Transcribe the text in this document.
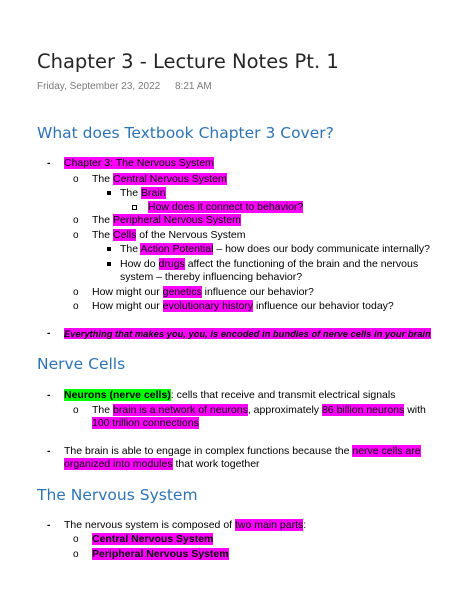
Chapter 3 - Lecture Notes Pt. 1
Friday, September 23, 2022 8:21 AM
What does Textbook Chapter 3 Cover?
- Chapter 3: The Nervous System
o The Central Nervous System
The Brain
How does it connect to behavior?
o The Peripheral Nervous System
o The Cells of the Nervous System
The Action Potential – how does our body communicate internally?
How do drugs affect the functioning of the brain and the nervous
system – thereby influencing behavior?
o How might our genetics influence our behavior?
o How might our evolutionary history influence our behavior today?
- Everything that makes you, you, is encoded in bundles of nerve cells in your brain
Nerve Cells
- Neurons (nerve cells): cells that receive and transmit electrical signals
o The brain is a network of neurons, approximately 86 billion neurons with
100 trillion connections
- The brain is able to engage in complex functions because the nerve cells are
organized into modules that work together
The Nervous System
- The nervous system is composed of two main parts:
o Central Nervous System
o Peripheral Nervous System
